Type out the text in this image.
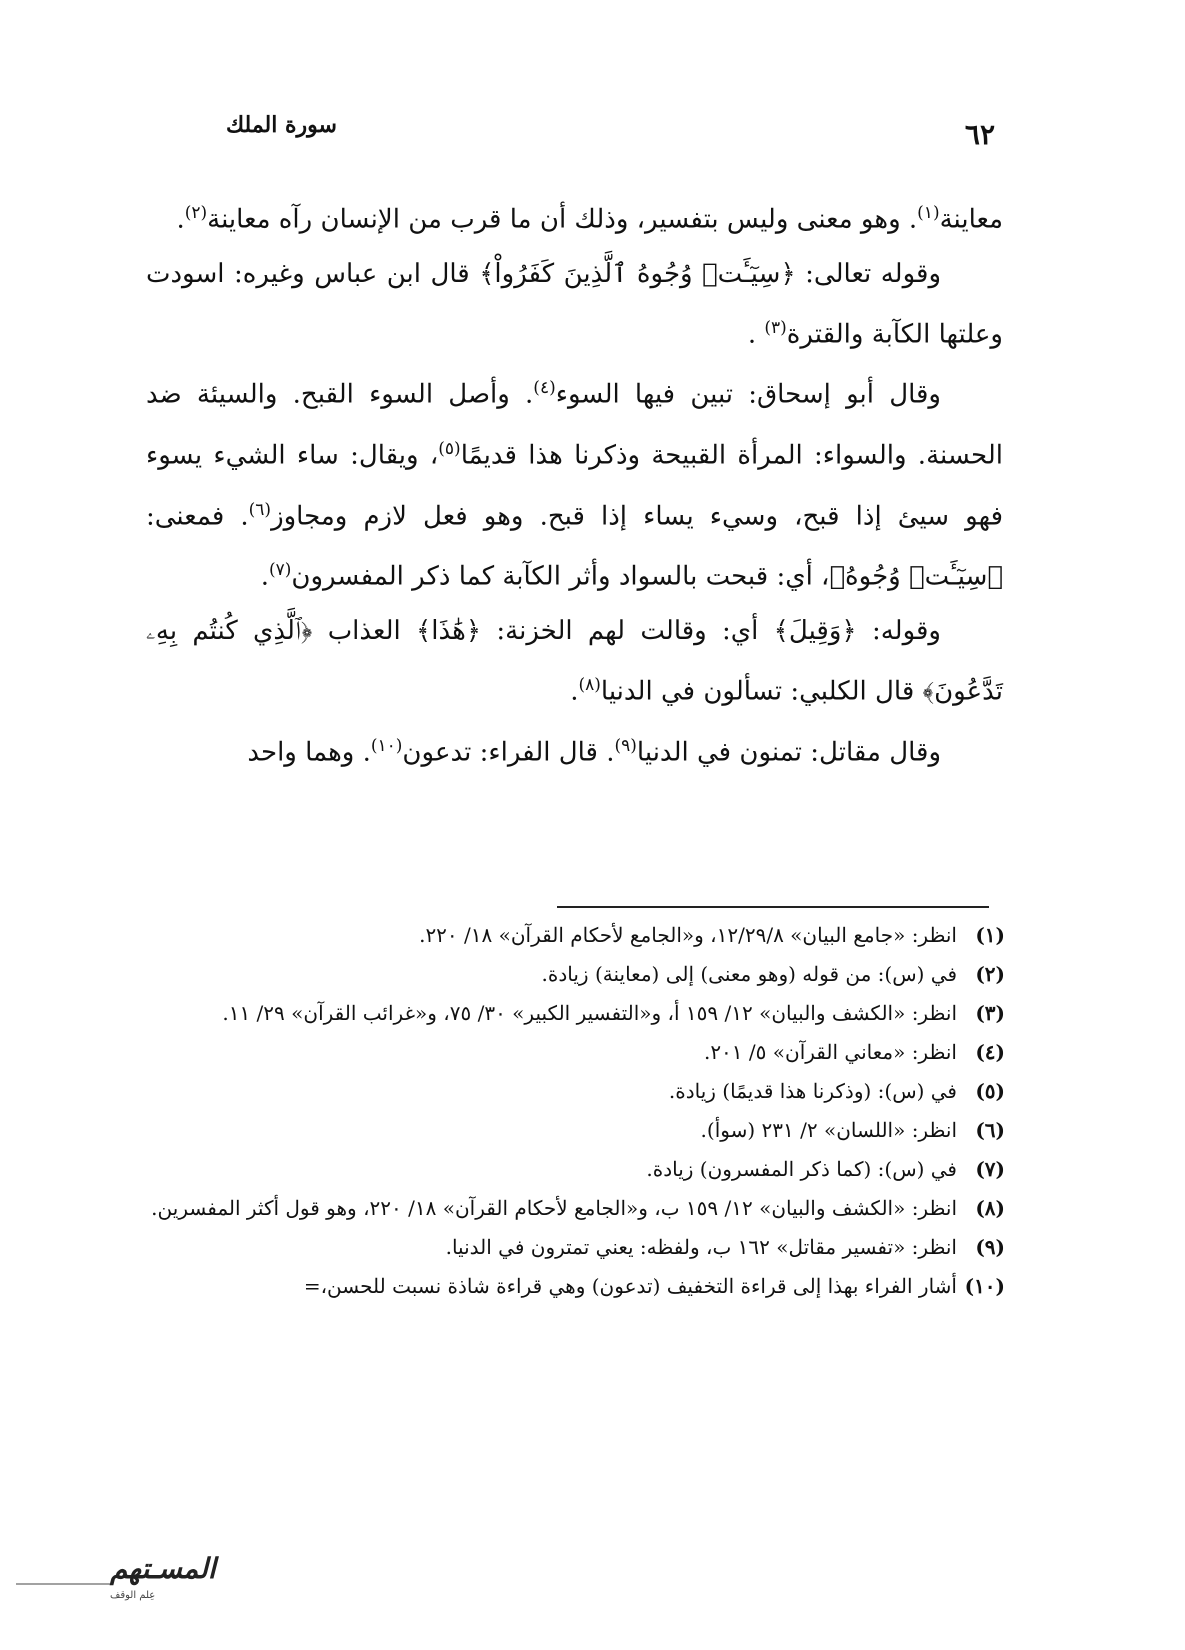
سورة الملك	٦٢

معاينة$^{(١)}$. وهو معنى وليس بتفسير، وذلك أن ما قرب من الإنسان رآه معاينة$^{(٢)}$.

وقوله تعالى: ﴿سِيٓـَٔتۡ وُجُوهُ ٱلَّذِينَ كَفَرُواْ﴾ قال ابن عباس وغيره: اسودت وعلتها الكآبة والقترة$^{(٣)}$ .

وقال أبو إسحاق: تبين فيها السوء$^{(٤)}$. وأصل السوء القبح. والسيئة ضد الحسنة. والسواء: المرأة القبيحة وذكرنا هذا قديمًا$^{(٥)}$، ويقال: ساء الشيء يسوء فهو سيئ إذا قبح، وسيء يساء إذا قبح. وهو فعل لازم ومجاوز$^{(٦)}$. فمعنى: ﴿سِيٓـَٔتۡ وُجُوهُ﴾، أي: قبحت بالسواد وأثر الكآبة كما ذكر المفسرون$^{(٧)}$.

وقوله: ﴿وَقِيلَ﴾ أي: وقالت لهم الخزنة: ﴿هَٰذَا﴾ العذاب ﴿ٱلَّذِي كُنتُم بِهِۦ تَدَّعُونَ﴾ قال الكلبي: تسألون في الدنيا$^{(٨)}$.

وقال مقاتل: تمنون في الدنيا$^{(٩)}$. قال الفراء: تدعون$^{(١٠)}$. وهما واحد

(١)
انظر: «جامع البيان» ١٢/٢٩/٨، و«الجامع لأحكام القرآن» ١٨/ ٢٢٠.
(٢)
في (س): من قوله (وهو معنى) إلى (معاينة) زيادة.
(٣)
انظر: «الكشف والبيان» ١٢/ ١٥٩ أ، و«التفسير الكبير» ٣٠/ ٧٥، و«غرائب القرآن» ٢٩/ ١١.
(٤)
انظر: «معاني القرآن» ٥/ ٢٠١.
(٥)
في (س): (وذكرنا هذا قديمًا) زيادة.
(٦)
انظر: «اللسان» ٢/ ٢٣١ (سوأ).
(٧)
في (س): (كما ذكر المفسرون) زيادة.
(٨)
انظر: «الكشف والبيان» ١٢/ ١٥٩ ب، و«الجامع لأحكام القرآن» ١٨/ ٢٢٠، وهو قول أكثر المفسرين.
(٩)
انظر: «تفسير مقاتل» ١٦٢ ب، ولفظه: يعني تمترون في الدنيا.
(١٠)
أشار الفراء بهذا إلى قراءة التخفيف (تدعون) وهي قراءة شاذة نسبت للحسن،=
المسـتهم
عِلم الوقف
